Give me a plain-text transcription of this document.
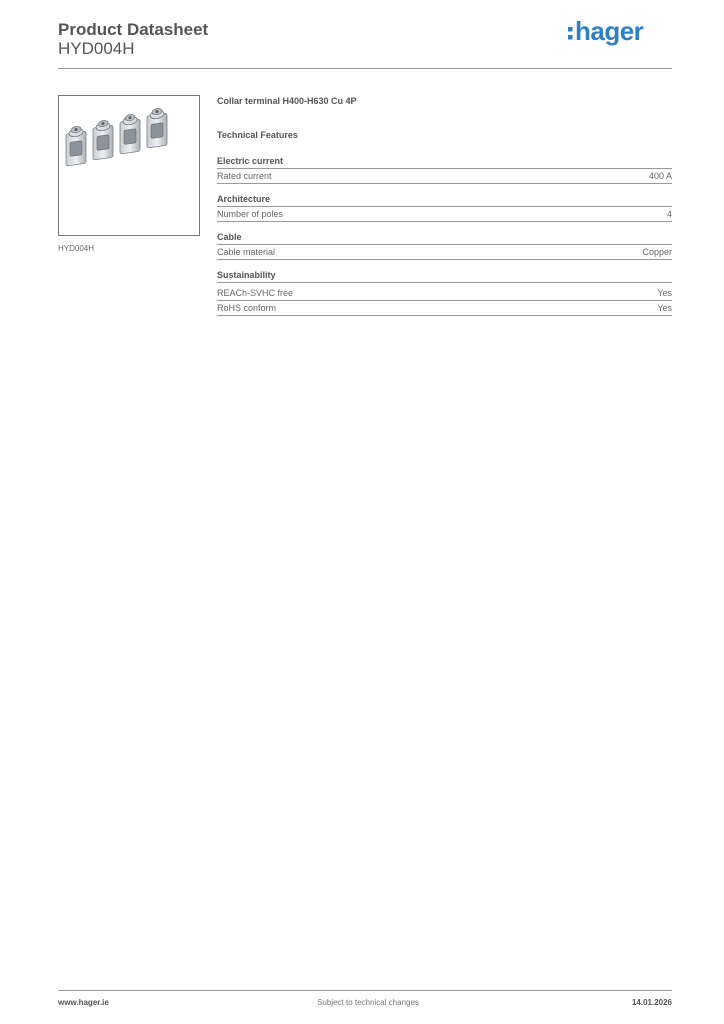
Product Datasheet
HYD004H
hager
HYD004H
Collar terminal H400-H630 Cu 4P
Technical Features
Electric current
Rated current	400 A
Architecture
Number of poles	4
Cable
Cable material	Copper
Sustainability
REACh-SVHC free	Yes
RoHS conform	Yes
www.hager.ie	Subject to technical changes	14.01.2026
